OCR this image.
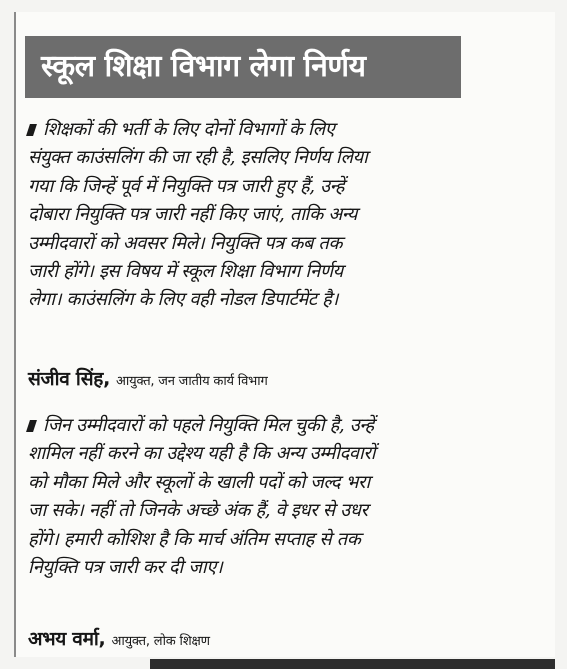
स्कूल शिक्षा विभाग लेगा निर्णय
शिक्षकों की भर्ती के लिए दोनों विभागों के लिए
संयुक्त काउंसलिंग की जा रही है, इसलिए निर्णय लिया
गया कि जिन्हें पूर्व में नियुक्ति पत्र जारी हुए हैं, उन्हें
दोबारा नियुक्ति पत्र जारी नहीं किए जाएं, ताकि अन्य
उम्मीदवारों को अवसर मिले। नियुक्ति पत्र कब तक
जारी होंगे। इस विषय में स्कूल शिक्षा विभाग निर्णय
लेगा। काउंसलिंग के लिए वही नोडल डिपार्टमेंट है।
संजीव सिंह, आयुक्त, जन जातीय कार्य विभाग
जिन उम्मीदवारों को पहले नियुक्ति मिल चुकी है, उन्हें
शामिल नहीं करने का उद्देश्य यही है कि अन्य उम्मीदवारों
को मौका मिले और स्कूलों के खाली पदों को जल्द भरा
जा सके। नहीं तो जिनके अच्छे अंक हैं, वे इधर से उधर
होंगे। हमारी कोशिश है कि मार्च अंतिम सप्ताह से तक
नियुक्ति पत्र जारी कर दी जाए।
अभय वर्मा, आयुक्त, लोक शिक्षण
